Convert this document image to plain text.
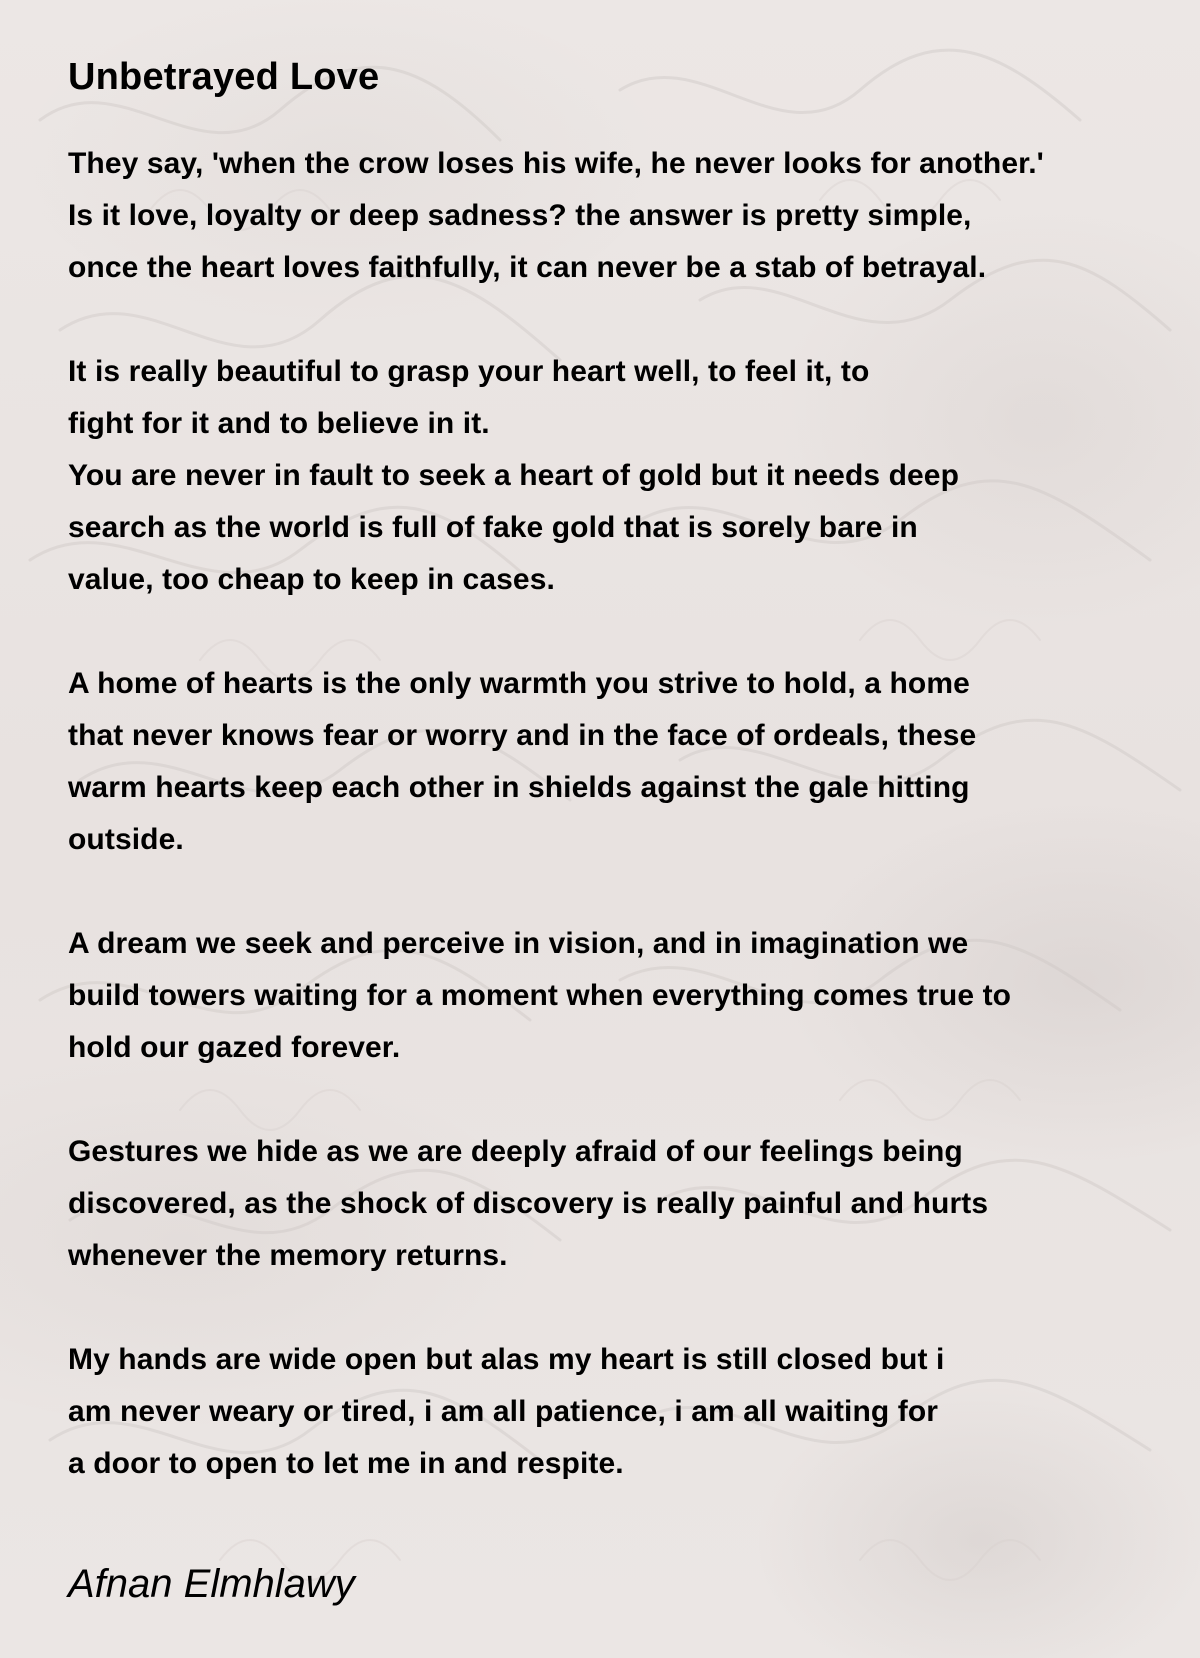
Unbetrayed Love
They say, 'when the crow loses his wife, he never looks for another.'
Is it love, loyalty or deep sadness? the answer is pretty simple,
once the heart loves faithfully, it can never be a stab of betrayal.
It is really beautiful to grasp your heart well, to feel it, to
fight for it and to believe in it.
You are never in fault to seek a heart of gold but it needs deep
search as the world is full of fake gold that is sorely bare in
value, too cheap to keep in cases.
A home of hearts is the only warmth you strive to hold, a home
that never knows fear or worry and in the face of ordeals, these
warm hearts keep each other in shields against the gale hitting
outside.
A dream we seek and perceive in vision, and in imagination we
build towers waiting for a moment when everything comes true to
hold our gazed forever.
Gestures we hide as we are deeply afraid of our feelings being
discovered, as the shock of discovery is really painful and hurts
whenever the memory returns.
My hands are wide open but alas my heart is still closed but i
am never weary or tired, i am all patience, i am all waiting for
a door to open to let me in and respite.
Afnan Elmhlawy
